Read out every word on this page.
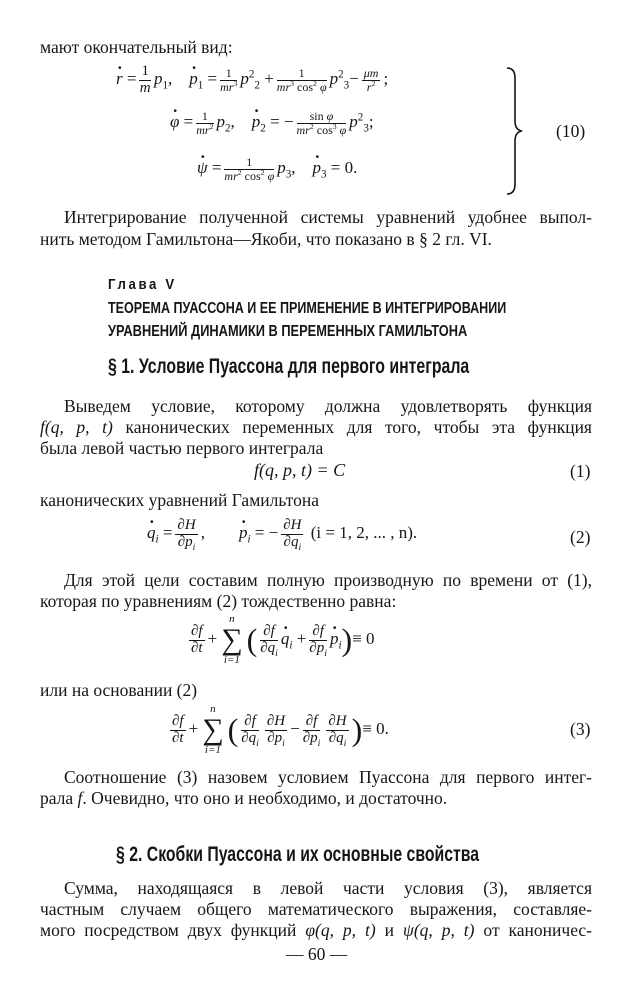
мают окончательный вид:
· $r = \frac{1}{m} p_1$,    · $p_1 = \frac{1}{mr^3} p^2_2 + \frac{1}{mr^3 \cos^2 \varphi} p^2_3- \frac{\mu m}{r^2}$ ;
· $\varphi = \frac{1}{mr^2} p_2$,    · $p_2$ = − $\frac{\text{sin φ}}{mr^2 \cos^3 \varphi} p^2_3$;
· $\psi = \frac{1}{mr^2 \cos^2 \varphi} p_3$,    · $p_3 = 0$.
(10)
Интегрирование полученной системы уравнений удобнее выпол-
нить методом Гамильтона—Якоби, что показано в § 2 гл. VI.
Глава V
ТЕОРЕМА ПУАССОНА И ЕЕ ПРИМЕНЕНИЕ В ИНТЕГРИРОВАНИИ
УРАВНЕНИЙ ДИНАМИКИ В ПЕРЕМЕННЫХ ГАМИЛЬТОНА
§ 1. Условие Пуассона для первого интеграла
Выведем условие, которому должна удовлетворять функция
f(q, p, t) канонических переменных для того, чтобы эта функция
была левой частью первого интеграла
f(q, p, t) = C	(1)
канонических уравнений Гамильтона
· $q_i = \frac{\partial H}{\partial p_i}$ ,        · $p_i$ = − $\frac{\partial H}{\partial q_i} (i = 1$, 2, ... , n).	(2)
Для этой цели составим полную производную по времени от (1),
которая по уравнениям (2) тождественно равна:
$\frac{\partial f}{\partial t}$ +
n
∑
i=1
( $\frac{\partial f}{\partial q_i}$
· $q_i + \frac{\partial f}{\partial p_i}$
· $p_i)\equiv 0$
или на основании (2)
$\frac{\partial f}{\partial t}$ +
n
∑
i=1
( $\frac{\partial f}{\partial q_i} \frac{\partial H}{\partial p_i} - \frac{\partial f}{\partial p_i} \frac{\partial H}{\partial q_i}$ )≡ 0.	(3)
Соотношение (3) назовем условием Пуассона для первого интег-
рала f. Очевидно, что оно и необходимо, и достаточно.
§ 2. Скобки Пуассона и их основные свойства
Сумма, находящаяся в левой части условия (3), является
частным случаем общего математического выражения, составляе-
мого посредством двух функций φ(q, p, t) и ψ(q, p, t) от каноничес-
— 60 —
